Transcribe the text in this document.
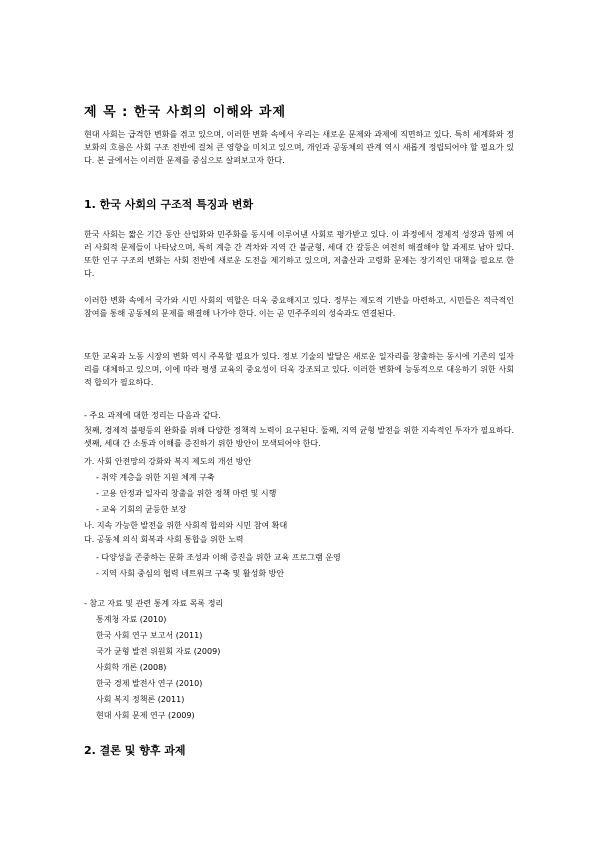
제 목 : 한국 사회의 이해와 과제
현대 사회는 급격한 변화를 겪고 있으며, 이러한 변화 속에서 우리는 새로운 문제와 과제에 직면하고 있다. 특히 세계화와 정보화의 흐름은 사회 구조 전반에 걸쳐 큰 영향을 미치고 있으며, 개인과 공동체의 관계 역시 새롭게 정립되어야 할 필요가 있다. 본 글에서는 이러한 문제를 중심으로 살펴보고자 한다.
1. 한국 사회의 구조적 특징과 변화
한국 사회는 짧은 기간 동안 산업화와 민주화를 동시에 이루어낸 사회로 평가받고 있다. 이 과정에서 경제적 성장과 함께 여러 사회적 문제들이 나타났으며, 특히 계층 간 격차와 지역 간 불균형, 세대 간 갈등은 여전히 해결해야 할 과제로 남아 있다. 또한 인구 구조의 변화는 사회 전반에 새로운 도전을 제기하고 있으며, 저출산과 고령화 문제는 장기적인 대책을 필요로 한다.
이러한 변화 속에서 국가와 시민 사회의 역할은 더욱 중요해지고 있다. 정부는 제도적 기반을 마련하고, 시민들은 적극적인 참여를 통해 공동체의 문제를 해결해 나가야 한다. 이는 곧 민주주의의 성숙과도 연결된다.
또한 교육과 노동 시장의 변화 역시 주목할 필요가 있다. 정보 기술의 발달은 새로운 일자리를 창출하는 동시에 기존의 일자리를 대체하고 있으며, 이에 따라 평생 교육의 중요성이 더욱 강조되고 있다. 이러한 변화에 능동적으로 대응하기 위한 사회적 합의가 필요하다.
- 주요 과제에 대한 정리는 다음과 같다.
첫째, 경제적 불평등의 완화를 위해 다양한 정책적 노력이 요구된다. 둘째, 지역 균형 발전을 위한 지속적인 투자가 필요하다. 셋째, 세대 간 소통과 이해를 증진하기 위한 방안이 모색되어야 한다.
가. 사회 안전망의 강화와 복지 제도의 개선 방안
- 취약 계층을 위한 지원 체계 구축
- 고용 안정과 일자리 창출을 위한 정책 마련 및 시행
- 교육 기회의 균등한 보장
나. 지속 가능한 발전을 위한 사회적 합의와 시민 참여 확대
다. 공동체 의식 회복과 사회 통합을 위한 노력
- 다양성을 존중하는 문화 조성과 이해 증진을 위한 교육 프로그램 운영
- 지역 사회 중심의 협력 네트워크 구축 및 활성화 방안
- 참고 자료 및 관련 통계 자료 목록 정리
통계청 자료 (2010)
한국 사회 연구 보고서 (2011)
국가 균형 발전 위원회 자료 (2009)
사회학 개론 (2008)
한국 경제 발전사 연구 (2010)
사회 복지 정책론 (2011)
현대 사회 문제 연구 (2009)
2. 결론 및 향후 과제
